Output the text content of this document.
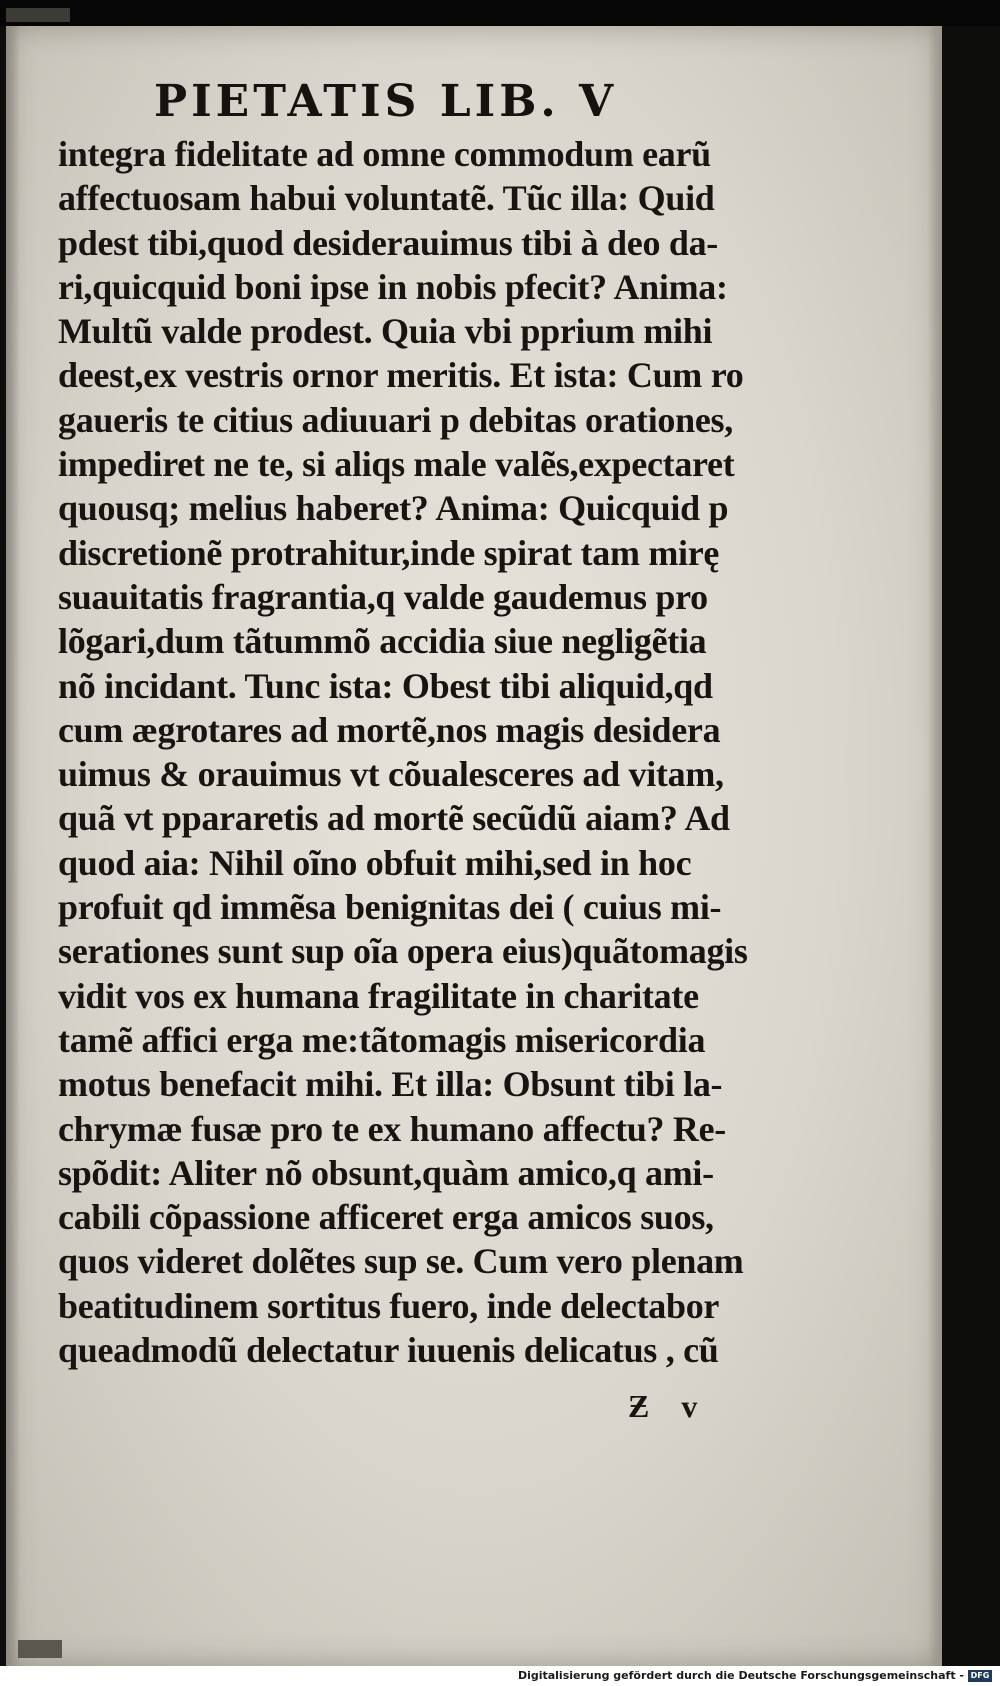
PIETATIS LIB. V
integra fidelitate ad omne commodum earũ
affectuosam habui voluntatẽ. Tũc illa: Quid
pdest tibi,quod desiderauimus tibi à deo da-
ri,quicquid boni ipse in nobis pfecit? Anima:
Multũ valde prodest. Quia vbi pprium mihi
deest,ex vestris ornor meritis. Et ista: Cum ro
gaueris te citius adiuuari p debitas orationes,
impediret ne te, si aliqs male valẽs,expectaret
quousq; melius haberet? Anima: Quicquid p
discretionẽ protrahitur,inde spirat tam mirę
suauitatis fragrantia,q valde gaudemus pro
lõgari,dum tãtummõ accidia siue negligẽtia
nõ incidant. Tunc ista: Obest tibi aliquid,qd
cum ægrotares ad mortẽ,nos magis desidera
uimus & orauimus vt cõualesceres ad vitam,
quã vt ppararetis ad mortẽ secũdũ aiam? Ad
quod aia: Nihil oĩno obfuit mihi,sed in hoc
profuit qd immẽsa benignitas dei ( cuius mi-
serationes sunt sup oĩa opera eius)quãtomagis
vidit vos ex humana fragilitate in charitate
tamẽ affici erga me:tãtomagis misericordia
motus benefacit mihi. Et illa: Obsunt tibi la-
chrymæ fusæ pro te ex humano affectu? Re-
spõdit: Aliter nõ obsunt,quàm amico,q ami-
cabili cõpassione afficeret erga amicos suos,
quos videret dolẽtes sup se. Cum vero plenam
beatitudinem sortitus fuero, inde delectabor
queadmodũ delectatur iuuenis delicatus , cũ
Ƶ v
Digitalisierung gefördert durch die Deutsche Forschungsgemeinschaft - DFG
